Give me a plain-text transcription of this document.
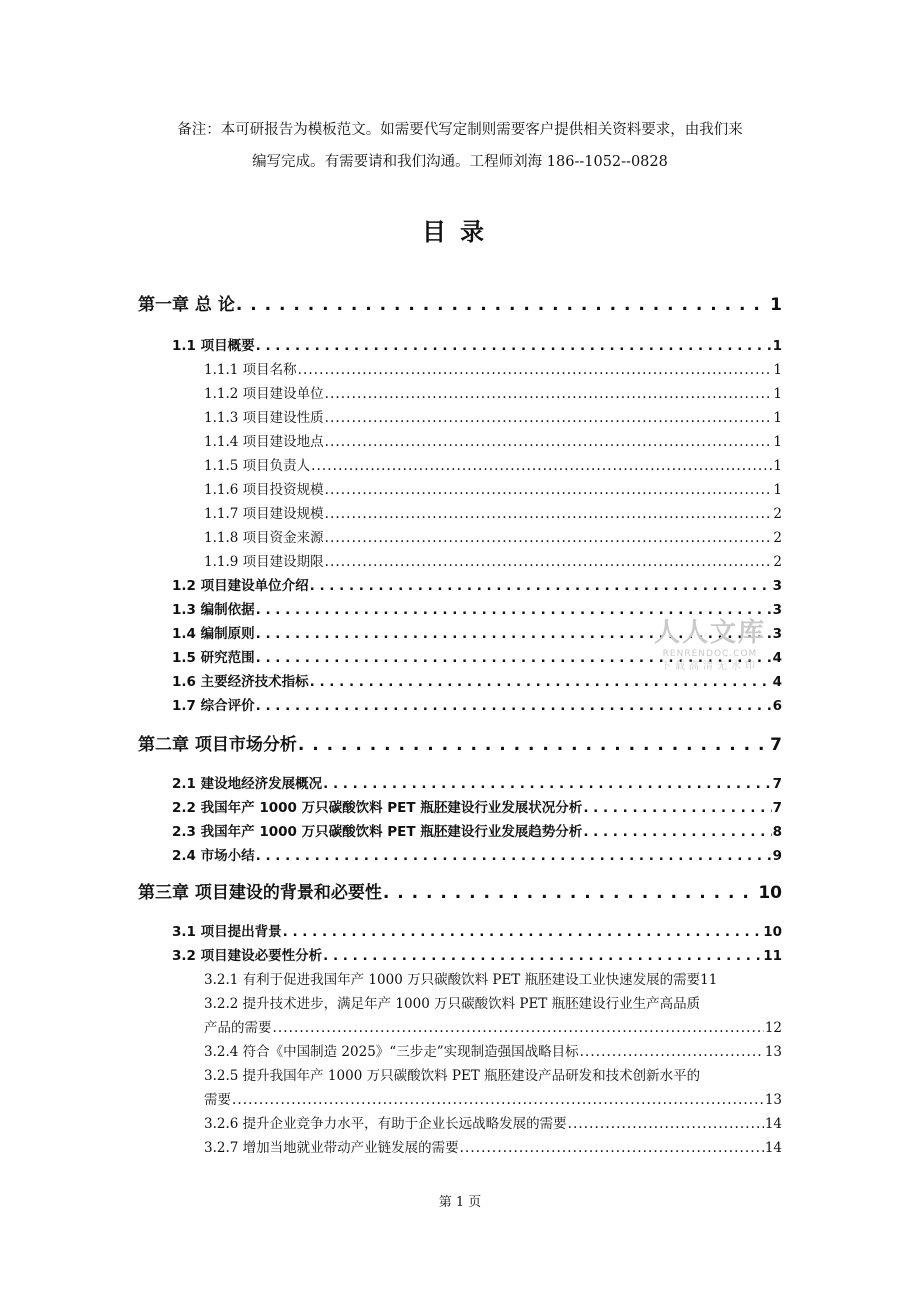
备注：本可研报告为模板范文。如需要代写定制则需要客户提供相关资料要求，由我们来
编写完成。有需要请和我们沟通。工程师刘海 186--1052--0828
目录
第一章 总 论 . . .	1
1.1 项目概要 . . .	1
1.1.1 项目名称 . . .	1
1.1.2 项目建设单位 . . .	1
1.1.3 项目建设性质 . . .	1
1.1.4 项目建设地点 . . .	1
1.1.5 项目负责人 . . .	1
1.1.6 项目投资规模 . . .	1
1.1.7 项目建设规模 . . .	2
1.1.8 项目资金来源 . . .	2
1.1.9 项目建设期限 . . .	2
1.2 项目建设单位介绍 . . .	3
1.3 编制依据 . . .	3
1.4 编制原则 . . .	3
1.5 研究范围 . . .	4
1.6 主要经济技术指标 . . .	4
1.7 综合评价 . . .	6
第二章 项目市场分析 . . .	7
2.1 建设地经济发展概况 . . .	7
2.2 我国年产 1000 万只碳酸饮料 PET 瓶胚建设行业发展状况分析 . . .	7
2.3 我国年产 1000 万只碳酸饮料 PET 瓶胚建设行业发展趋势分析 . . .	8
2.4 市场小结 . . .	9
第三章 项目建设的背景和必要性 . . .	10
3.1 项目提出背景 . . .	10
3.2 项目建设必要性分析 . . .	11
3.2.1 有利于促进我国年产 1000 万只碳酸饮料 PET 瓶胚建设工业快速发展的需要 11
3.2.2 提升技术进步，满足年产 1000 万只碳酸饮料 PET 瓶胚建设行业生产高品质
产品的需要 . . .	12
3.2.4 符合《中国制造 2025》“三步走”实现制造强国战略目标 . . .	13
3.2.5 提升我国年产 1000 万只碳酸饮料 PET 瓶胚建设产品研发和技术创新水平的
需要 . . .	13
3.2.6 提升企业竞争力水平，有助于企业长远战略发展的需要 . . .	14
3.2.7 增加当地就业带动产业链发展的需要 . . .	14
人人文库
RENRENDOC.COM
下载高清无水印
第 1 页
